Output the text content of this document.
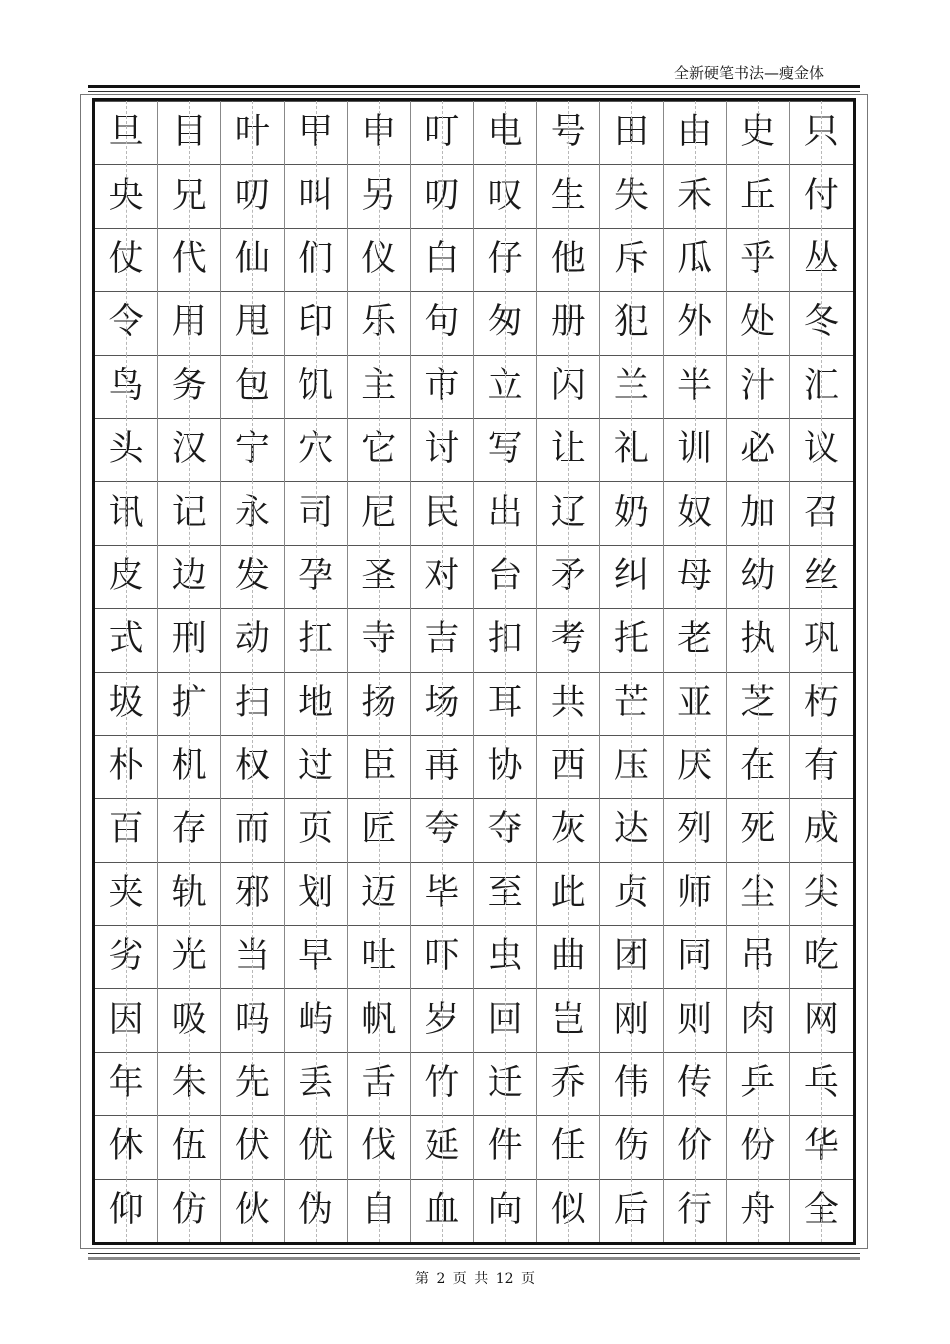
全新硬笔书法—瘦金体
旦 目 叶 甲 申 叮 电 号 田 由 史 只
央 兄 叨 叫 另 叨 叹 生 失 禾 丘 付
仗 代 仙 们 仪 白 仔 他 斥 瓜 乎 丛
令 用 甩 印 乐 句 匆 册 犯 外 处 冬
鸟 务 包 饥 主 市 立 闪 兰 半 汁 汇
头 汉 宁 穴 它 讨 写 让 礼 训 必 议
讯 记 永 司 尼 民 出 辽 奶 奴 加 召
皮 边 发 孕 圣 对 台 矛 纠 母 幼 丝
式 刑 动 扛 寺 吉 扣 考 托 老 执 巩
圾 扩 扫 地 扬 场 耳 共 芒 亚 芝 朽
朴 机 权 过 臣 再 协 西 压 厌 在 有
百 存 而 页 匠 夸 夺 灰 达 列 死 成
夹 轨 邪 划 迈 毕 至 此 贞 师 尘 尖
劣 光 当 早 吐 吓 虫 曲 团 同 吊 吃
因 吸 吗 屿 帆 岁 回 岂 刚 则 肉 网
年 朱 先 丢 舌 竹 迁 乔 伟 传 乒 乓
休 伍 伏 优 伐 延 件 任 伤 价 份 华
仰 仿 伙 伪 自 血 向 似 后 行 舟 全
第 2 页 共 12 页
